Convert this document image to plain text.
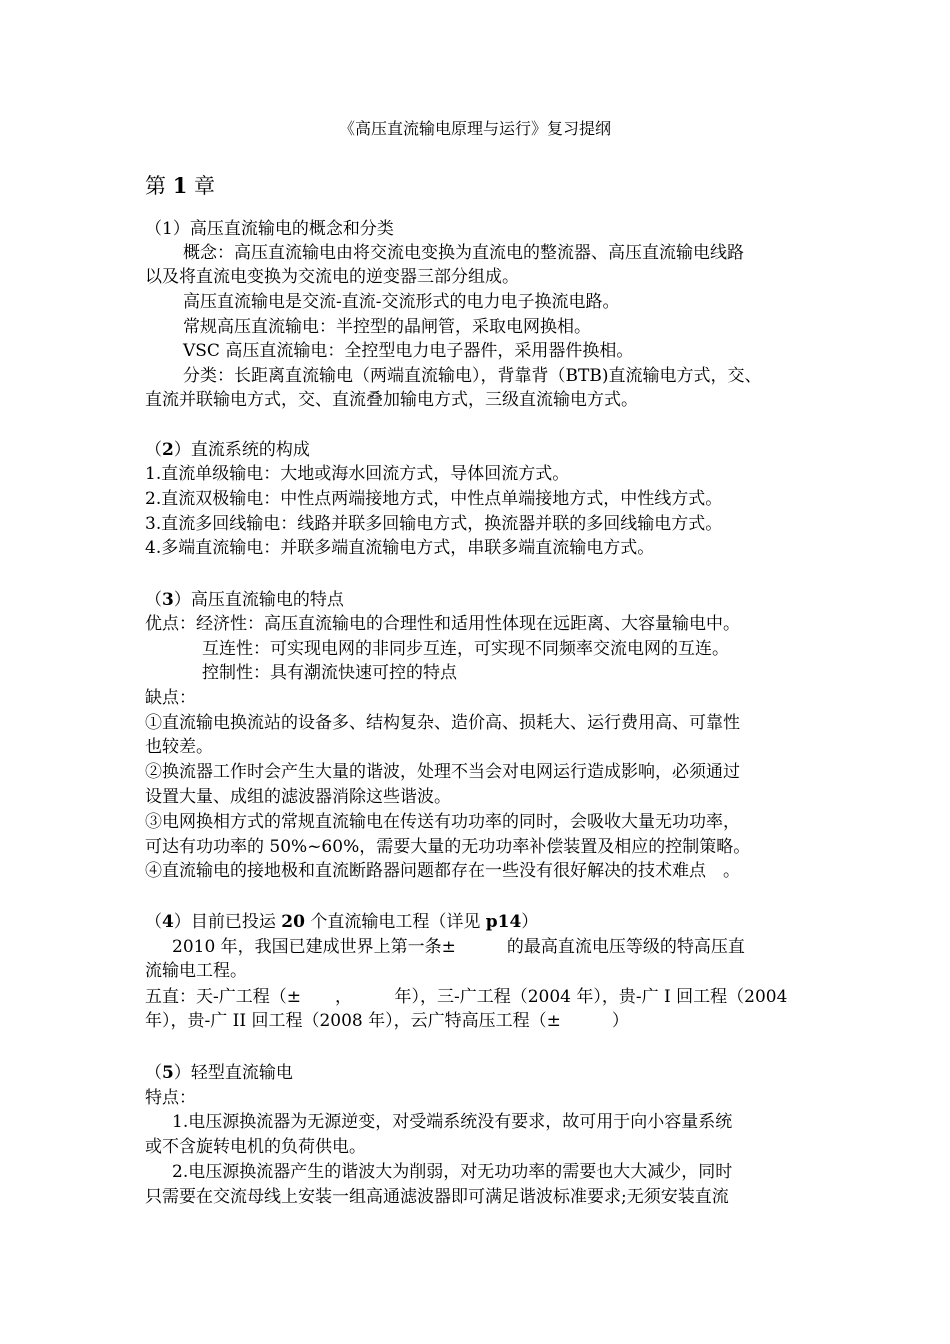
《高压直流输电原理与运行》复习提纲
第 1 章
（1）高压直流输电的概念和分类
概念：高压直流输电由将交流电变换为直流电的整流器、高压直流输电线路
以及将直流电变换为交流电的逆变器三部分组成。
高压直流输电是交流-直流-交流形式的电力电子换流电路。
常规高压直流输电：半控型的晶闸管，采取电网换相。
VSC 高压直流输电：全控型电力电子器件，采用器件换相。
分类：长距离直流输电（两端直流输电），背靠背（BTB)直流输电方式，交、
直流并联输电方式，交、直流叠加输电方式，三级直流输电方式。
（2）直流系统的构成
1.直流单级输电：大地或海水回流方式，导体回流方式。
2.直流双极输电：中性点两端接地方式，中性点单端接地方式，中性线方式。
3.直流多回线输电：线路并联多回输电方式，换流器并联的多回线输电方式。
4.多端直流输电：并联多端直流输电方式，串联多端直流输电方式。
（3）高压直流输电的特点
优点：经济性：高压直流输电的合理性和适用性体现在远距离、大容量输电中。
互连性：可实现电网的非同步互连，可实现不同频率交流电网的互连。
控制性：具有潮流快速可控的特点
缺点：
①直流输电换流站的设备多、结构复杂、造价高、损耗大、运行费用高、可靠性
也较差。
②换流器工作时会产生大量的谐波，处理不当会对电网运行造成影响，必须通过
设置大量、成组的滤波器消除这些谐波。
③电网换相方式的常规直流输电在传送有功功率的同时，会吸收大量无功功率，
可达有功功率的 50%~60%，需要大量的无功功率补偿装置及相应的控制策略。
④直流输电的接地极和直流断路器问题都存在一些没有很好解决的技术难点　。
（4）目前已投运 20 个直流输电工程（详见 p14）
2010 年，我国已建成世界上第一条±　　　的最高直流电压等级的特高压直
流输电工程。
五直：天-广工程（±　　，　　　年），三-广工程（2004 年），贵-广 I 回工程（2004
年），贵-广 II 回工程（2008 年），云广特高压工程（±　　　）
（5）轻型直流输电
特点：
1.电压源换流器为无源逆变，对受端系统没有要求，故可用于向小容量系统
或不含旋转电机的负荷供电。
2.电压源换流器产生的谐波大为削弱，对无功功率的需要也大大减少，同时
只需要在交流母线上安装一组高通滤波器即可满足谐波标准要求;无须安装直流
